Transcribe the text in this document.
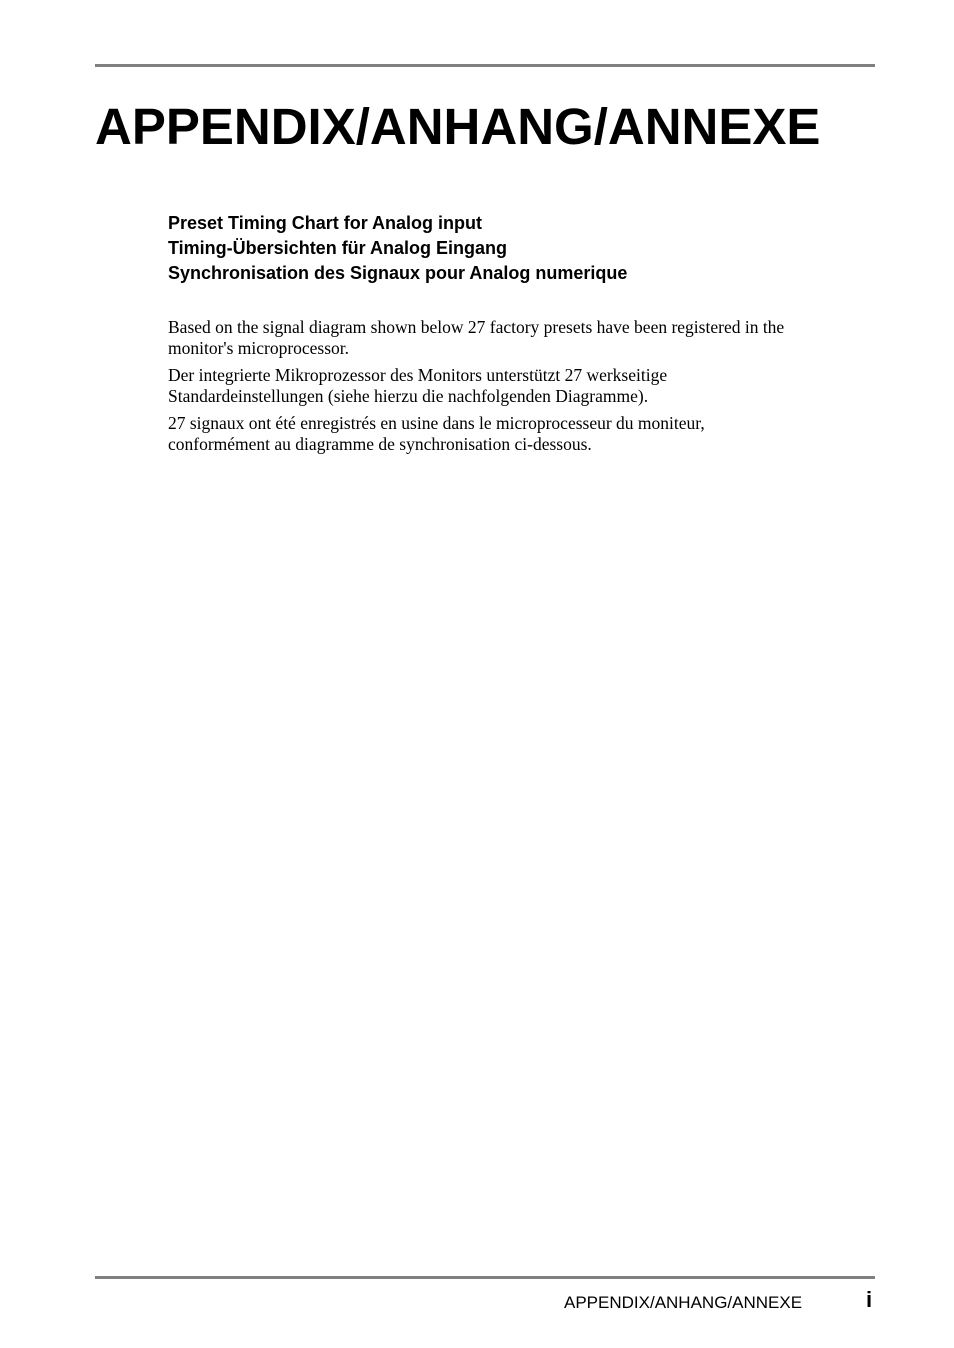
APPENDIX/ANHANG/ANNEXE
Preset Timing Chart for Analog input
Timing-Übersichten für Analog Eingang
Synchronisation des Signaux pour Analog numerique

Based on the signal diagram shown below 27 factory presets have been registered in the
monitor's microprocessor.

Der integrierte Mikroprozessor des Monitors unterstützt 27 werkseitige
Standardeinstellungen (siehe hierzu die nachfolgenden Diagramme).

27 signaux ont été enregistrés en usine dans le microprocesseur du moniteur,
conformément au diagramme de synchronisation ci-dessous.

APPENDIX/ANHANG/ANNEXE	i
